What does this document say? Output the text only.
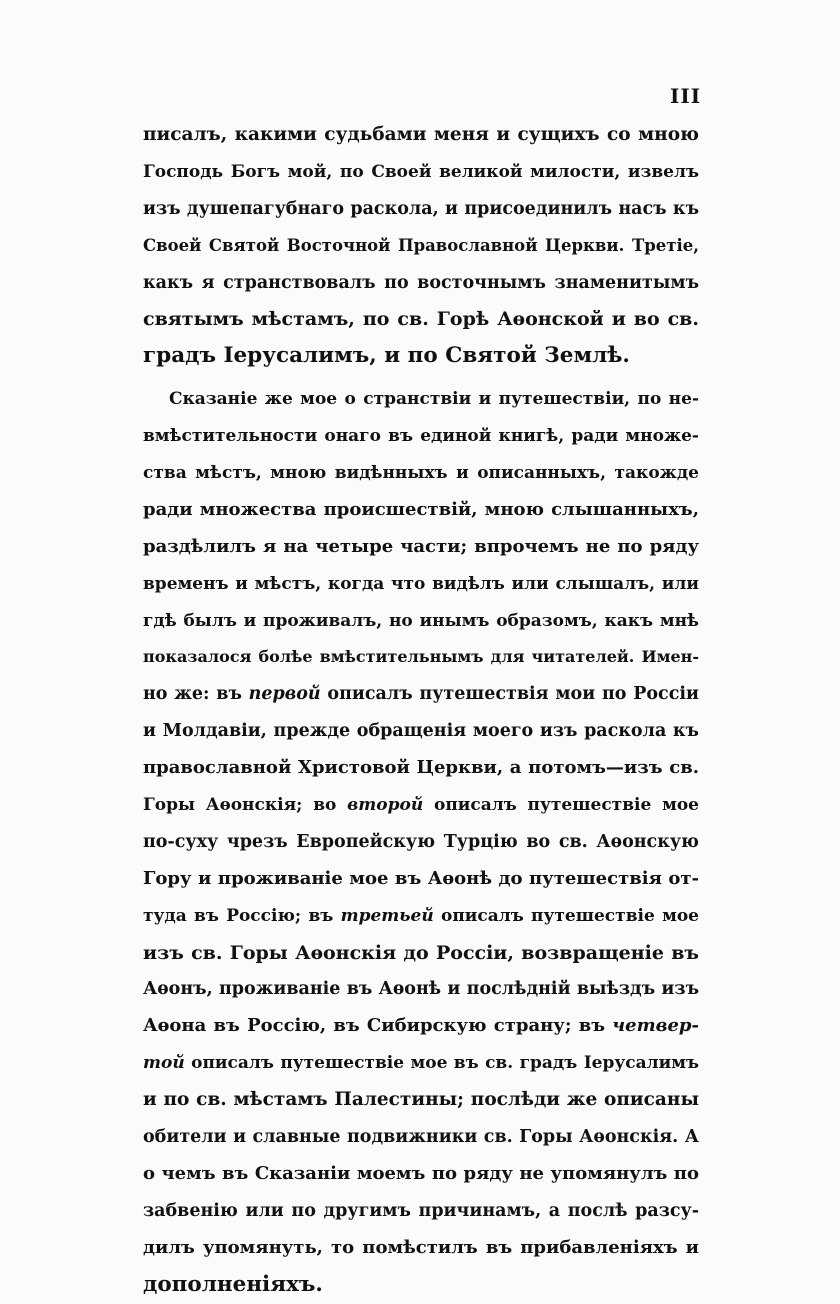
III
писалъ, какими судьбами меня и сущихъ со мною
Господь Богъ мой, по Своей великой милости, извелъ
изъ душепагубнаго раскола, и присоединилъ насъ къ
Своей Святой Восточной Православной Церкви. Третіе,
какъ я странствовалъ по восточнымъ знаменитымъ
святымъ мѣстамъ, по св. Горѣ Аѳонской и во св.
градъ Іерусалимъ, и по Святой Землѣ.
Сказаніе же мое о странствіи и путешествіи, по не-
вмѣстительности онаго въ единой книгѣ, ради множе-
ства мѣстъ, мною видѣнныхъ и описанныхъ, такожде
ради множества происшествій, мною слышанныхъ,
раздѣлилъ я на четыре части; впрочемъ не по ряду
временъ и мѣстъ, когда что видѣлъ или слышалъ, или
гдѣ былъ и проживалъ, но инымъ образомъ, какъ мнѣ
показалося болѣе вмѣстительнымъ для читателей. Имен-
но же: въ первой описалъ путешествія мои по Россіи
и Молдавіи, прежде обращенія моего изъ раскола къ
православной Христовой Церкви, а потомъ—изъ св.
Горы Аѳонскія; во второй описалъ путешествіе мое
по-суху чрезъ Европейскую Турцію во св. Аѳонскую
Гору и проживаніе мое въ Аѳонѣ до путешествія от-
туда въ Россію; въ третьей описалъ путешествіе мое
изъ св. Горы Аѳонскія до Россіи, возвращеніе въ
Аѳонъ, проживаніе въ Аѳонѣ и послѣдній выѣздъ изъ
Аѳона въ Россію, въ Сибирскую страну; въ четвер-
той описалъ путешествіе мое въ св. градъ Іерусалимъ
и по св. мѣстамъ Палестины; послѣди же описаны
обители и славные подвижники св. Горы Аѳонскія. А
о чемъ въ Сказаніи моемъ по ряду не упомянулъ по
забвенію или по другимъ причинамъ, а послѣ разсу-
дилъ упомянуть, то помѣстилъ въ прибавленіяхъ и
дополненіяхъ.
